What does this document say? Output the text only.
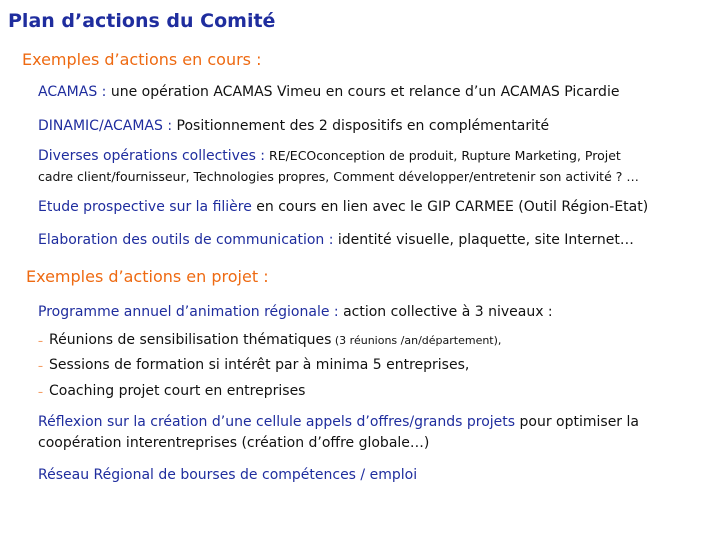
Plan d’actions du Comité
Exemples d’actions en cours :
ACAMAS : une opération ACAMAS Vimeu en cours et relance d’un ACAMAS Picardie
DINAMIC/ACAMAS : Positionnement des 2 dispositifs en complémentarité
Diverses opérations collectives : RE/ECOconception de produit, Rupture Marketing, Projet
cadre client/fournisseur, Technologies propres, Comment développer/entretenir son activité ? …
Etude prospective sur la filière en cours en lien avec le GIP CARMEE (Outil Région-Etat)
Elaboration des outils de communication : identité visuelle, plaquette, site Internet…
Exemples d’actions en projet :
Programme annuel d’animation régionale : action collective à 3 niveaux :
– Réunions de sensibilisation thématiques (3 réunions /an/département),
– Sessions de formation si intérêt par à minima 5 entreprises,
– Coaching projet court en entreprises
Réflexion sur la création d’une cellule appels d’offres/grands projets pour optimiser la coopération interentreprises (création d’offre globale…)
Réseau Régional de bourses de compétences / emploi
